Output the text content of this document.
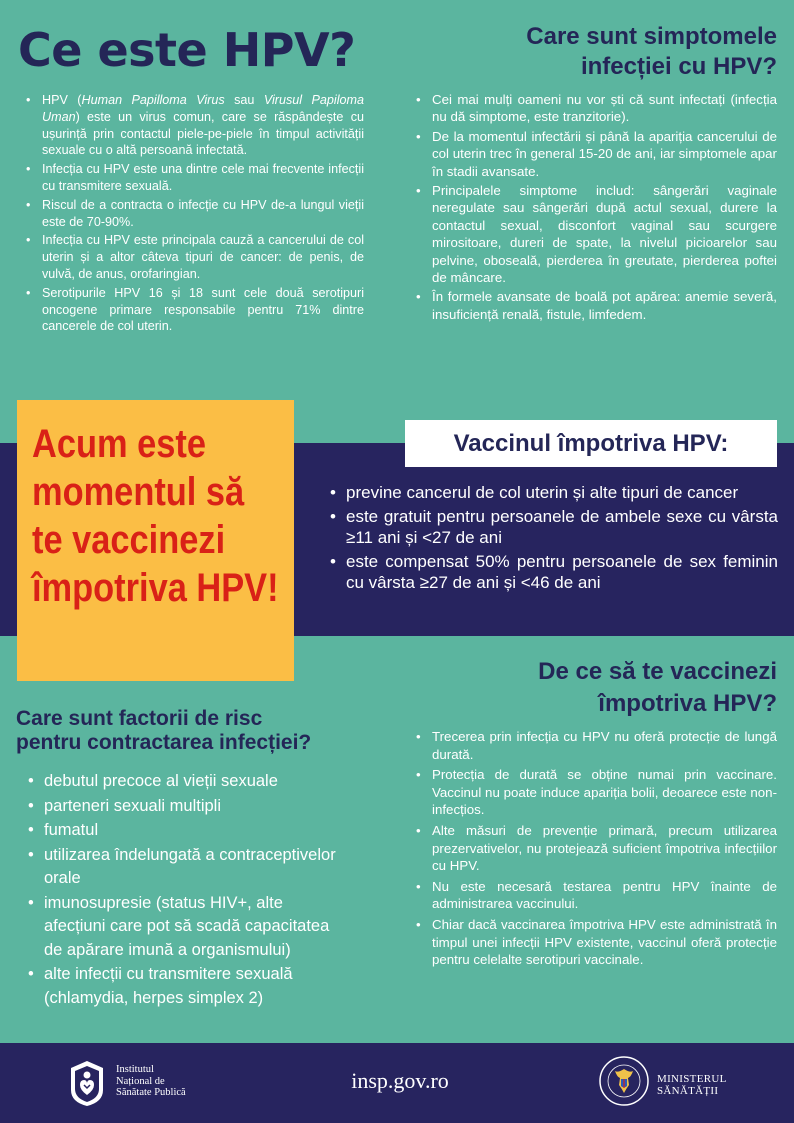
Ce este HPV?
• HPV (Human Papilloma Virus sau Virusul Papiloma Uman) este un virus comun, care se răspândește cu ușurință prin contactul piele-pe-piele în timpul activității sexuale cu o altă persoană infectată.
• Infecția cu HPV este una dintre cele mai frecvente infecții cu transmitere sexuală.
• Riscul de a contracta o infecție cu HPV de-a lungul vieții este de 70-90%.
• Infecția cu HPV este principala cauză a cancerului de col uterin și a altor câteva tipuri de cancer: de penis, de vulvă, de anus, orofaringian.
• Serotipurile HPV 16 și 18 sunt cele două serotipuri oncogene primare responsabile pentru 71% dintre cancerele de col uterin.
Care sunt simptomele
infecției cu HPV?
• Cei mai mulți oameni nu vor ști că sunt infectați (infecția nu dă simptome, este tranzitorie).
• De la momentul infectării și până la apariția cancerului de col uterin trec în general 15-20 de ani, iar simptomele apar în stadii avansate.
• Principalele simptome includ: sângerări vaginale neregulate sau sângerări după actul sexual, durere la contactul sexual, disconfort vaginal sau scurgere mirositoare, dureri de spate, la nivelul picioarelor sau pelvine, oboseală, pierderea în greutate, pierderea poftei de mâncare.
• În formele avansate de boală pot apărea: anemie severă, insuficiență renală, fistule, limfedem.
Acum este
momentul să
te vaccinezi
împotriva HPV!
Vaccinul împotriva HPV:
• previne cancerul de col uterin și alte tipuri de cancer
• este gratuit pentru persoanele de ambele sexe cu vârsta ≥11 ani și <27 de ani
• este compensat 50% pentru persoanele de sex feminin cu vârsta ≥27 de ani și <46 de ani
Care sunt factorii de risc
pentru contractarea infecției?
• debutul precoce al vieții sexuale
• parteneri sexuali multipli
• fumatul
• utilizarea îndelungată a contraceptivelor orale
• imunosupresie (status HIV+, alte afecțiuni care pot să scadă capacitatea de apărare imună a organismului)
• alte infecții cu transmitere sexuală (chlamydia, herpes simplex 2)
De ce să te vaccinezi
împotriva HPV?
• Trecerea prin infecția cu HPV nu oferă protecție de lungă durată.
• Protecția de durată se obține numai prin vaccinare. Vaccinul nu poate induce apariția bolii, deoarece este non-infecțios.
• Alte măsuri de prevenție primară, precum utilizarea prezervativelor, nu protejează suficient împotriva infecțiilor cu HPV.
• Nu este necesară testarea pentru HPV înainte de administrarea vaccinului.
• Chiar dacă vaccinarea împotriva HPV este administrată în timpul unei infecții HPV existente, vaccinul oferă protecție pentru celelalte serotipuri vaccinale.
Institutul
Național de
Sănătate Publică	insp.gov.ro	MINISTERUL
SĂNĂTĂȚII
